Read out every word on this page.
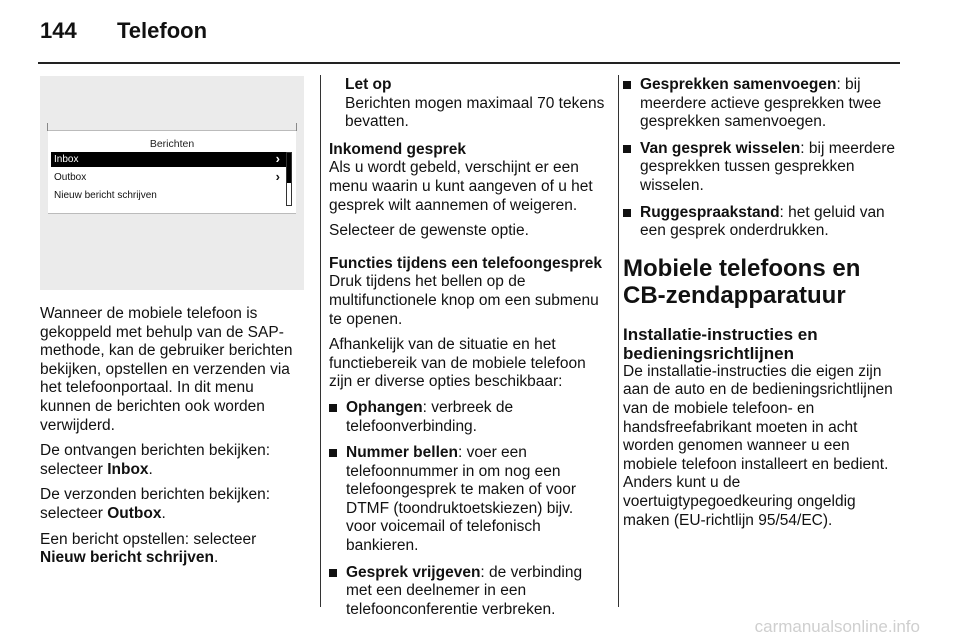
144 Telefoon
Berichten
Inbox	›
Outbox	›
Nieuw bericht schrijven

Wanneer de mobiele telefoon is gekoppeld met behulp van de SAP-methode, kan de gebruiker berichten bekijken, opstellen en verzenden via het telefoonportaal. In dit menu kunnen de berichten ook worden verwijderd.

De ontvangen berichten bekijken: selecteer Inbox.

De verzonden berichten bekijken: selecteer Outbox.

Een bericht opstellen: selecteer Nieuw bericht schrijven.

Let op
Berichten mogen maximaal 70 tekens bevatten.
Inkomend gesprek

Als u wordt gebeld, verschijnt er een menu waarin u kunt aangeven of u het gesprek wilt aannemen of weigeren.

Selecteer de gewenste optie.

Functies tijdens een telefoongesprek

Druk tijdens het bellen op de multifunctionele knop om een submenu te openen.

Afhankelijk van de situatie en het functiebereik van de mobiele telefoon zijn er diverse opties beschikbaar:

Ophangen: verbreek de telefoonverbinding.
Nummer bellen: voer een telefoonnummer in om nog een telefoongesprek te maken of voor DTMF (toondruktoetskiezen) bijv. voor voicemail of telefonisch bankieren.
Gesprek vrijgeven: de verbinding met een deelnemer in een telefoonconferentie verbreken.
Gesprekken samenvoegen: bij meerdere actieve gesprekken twee gesprekken samenvoegen.
Van gesprek wisselen: bij meerdere gesprekken tussen gesprekken wisselen.
Ruggespraakstand: het geluid van een gesprek onderdrukken.
Mobiele telefoons en CB-zendapparatuur
Installatie-instructies en bedieningsrichtlijnen

De installatie-instructies die eigen zijn aan de auto en de bedieningsrichtlijnen van de mobiele telefoon- en handsfreefabrikant moeten in acht worden genomen wanneer u een mobiele telefoon installeert en bedient. Anders kunt u de voertuigtypegoedkeuring ongeldig maken (EU-richtlijn 95/54/EC).

carmanualsonline.info
